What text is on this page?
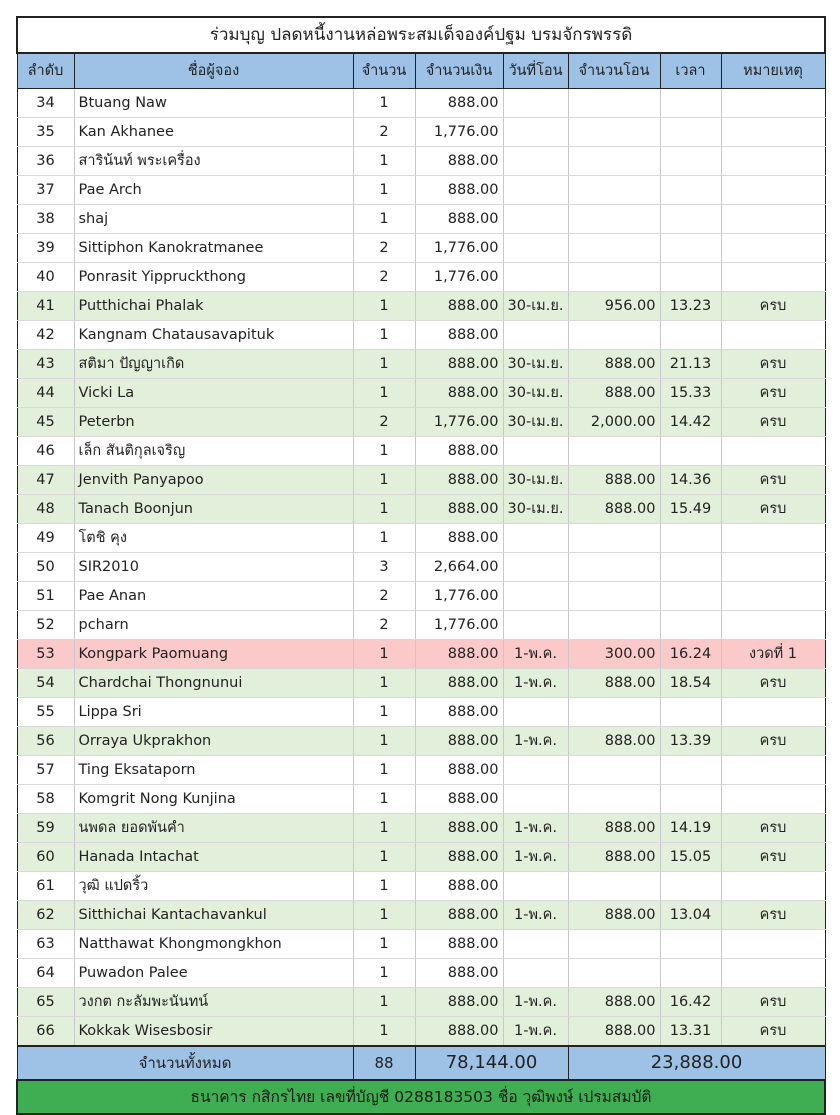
ร่วมบุญ ปลดหนี้งานหล่อพระสมเด็จองค์ปฐม บรมจักรพรรดิ							
ลำดับ	ชื่อผู้จอง	จำนวน	จำนวนเงิน	วันที่โอน	จำนวนโอน	เวลา	หมายเหตุ
34	Btuang Naw	1	888.00				
35	Kan Akhanee	2	1,776.00				
36	สาริน้นท์ พระเครื่อง	1	888.00				
37	Pae Arch	1	888.00				
38	shaj	1	888.00				
39	Sittiphon Kanokratmanee	2	1,776.00				
40	Ponrasit Yippruckthong	2	1,776.00				
41	Putthichai Phalak	1	888.00	30-เม.ย.	956.00	13.23	ครบ
42	Kangnam Chatausavapituk	1	888.00				
43	สติมา ปัญญาเกิด	1	888.00	30-เม.ย.	888.00	21.13	ครบ
44	Vicki La	1	888.00	30-เม.ย.	888.00	15.33	ครบ
45	Peterbn	2	1,776.00	30-เม.ย.	2,000.00	14.42	ครบ
46	เล็ก สันติกุลเจริญ	1	888.00				
47	Jenvith Panyapoo	1	888.00	30-เม.ย.	888.00	14.36	ครบ
48	Tanach Boonjun	1	888.00	30-เม.ย.	888.00	15.49	ครบ
49	โตชิ คุง	1	888.00				
50	SIR2010	3	2,664.00				
51	Pae Anan	2	1,776.00				
52	pcharn	2	1,776.00				
53	Kongpark Paomuang	1	888.00	1-พ.ค.	300.00	16.24	งวดที่ 1
54	Chardchai Thongnunui	1	888.00	1-พ.ค.	888.00	18.54	ครบ
55	Lippa Sri	1	888.00				
56	Orraya Ukprakhon	1	888.00	1-พ.ค.	888.00	13.39	ครบ
57	Ting Eksataporn	1	888.00				
58	Komgrit Nong Kunjina	1	888.00				
59	นพดล ยอดพันคำ	1	888.00	1-พ.ค.	888.00	14.19	ครบ
60	Hanada Intachat	1	888.00	1-พ.ค.	888.00	15.05	ครบ
61	วุฒิ แปดริ้ว	1	888.00				
62	Sitthichai Kantachavankul	1	888.00	1-พ.ค.	888.00	13.04	ครบ
63	Natthawat Khongmongkhon	1	888.00				
64	Puwadon Palee	1	888.00				
65	วงกต กะลัมพะนันทน์	1	888.00	1-พ.ค.	888.00	16.42	ครบ
66	Kokkak Wisesbosir	1	888.00	1-พ.ค.	888.00	13.31	ครบ
จำนวนทั้งหมด		88	78,144.00		23,888.00		
ธนาคาร กสิกรไทย เลขที่บัญชี 0288183503 ชื่อ วุฒิพงษ์ เปรมสมบัติ							
